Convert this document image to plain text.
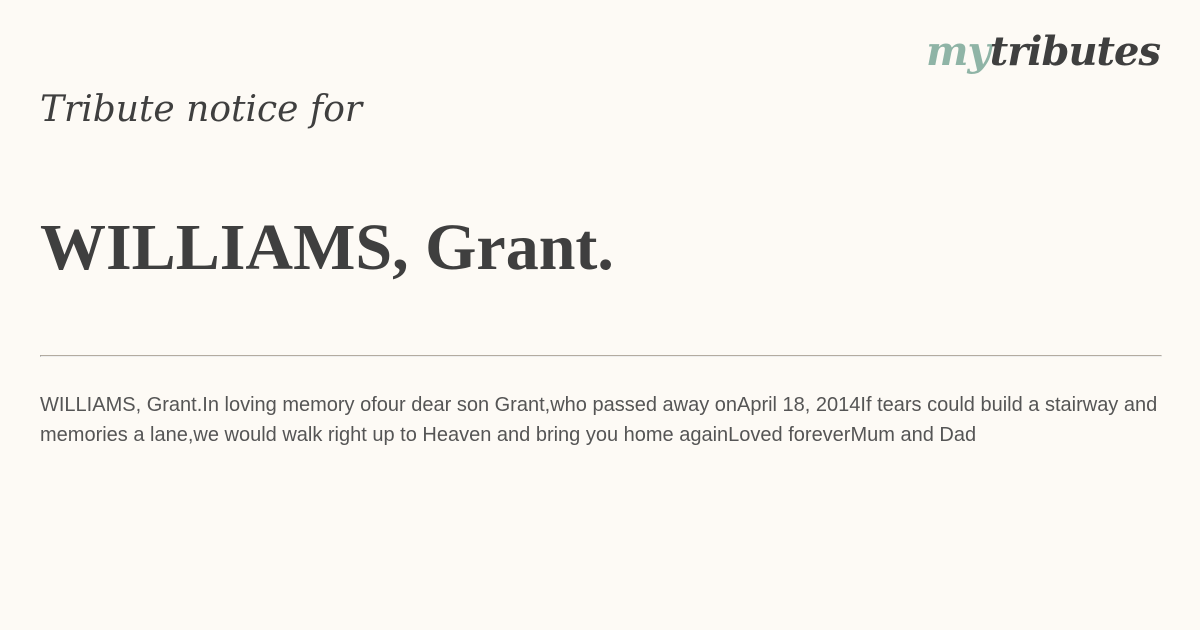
mytributes

Tribute notice for

WILLIAMS, Grant.

WILLIAMS, Grant.In loving memory ofour dear son Grant,who passed away onApril 18, 2014If tears could build a stairway and memories a lane,we would walk right up to Heaven and bring you home againLoved foreverMum and Dad
